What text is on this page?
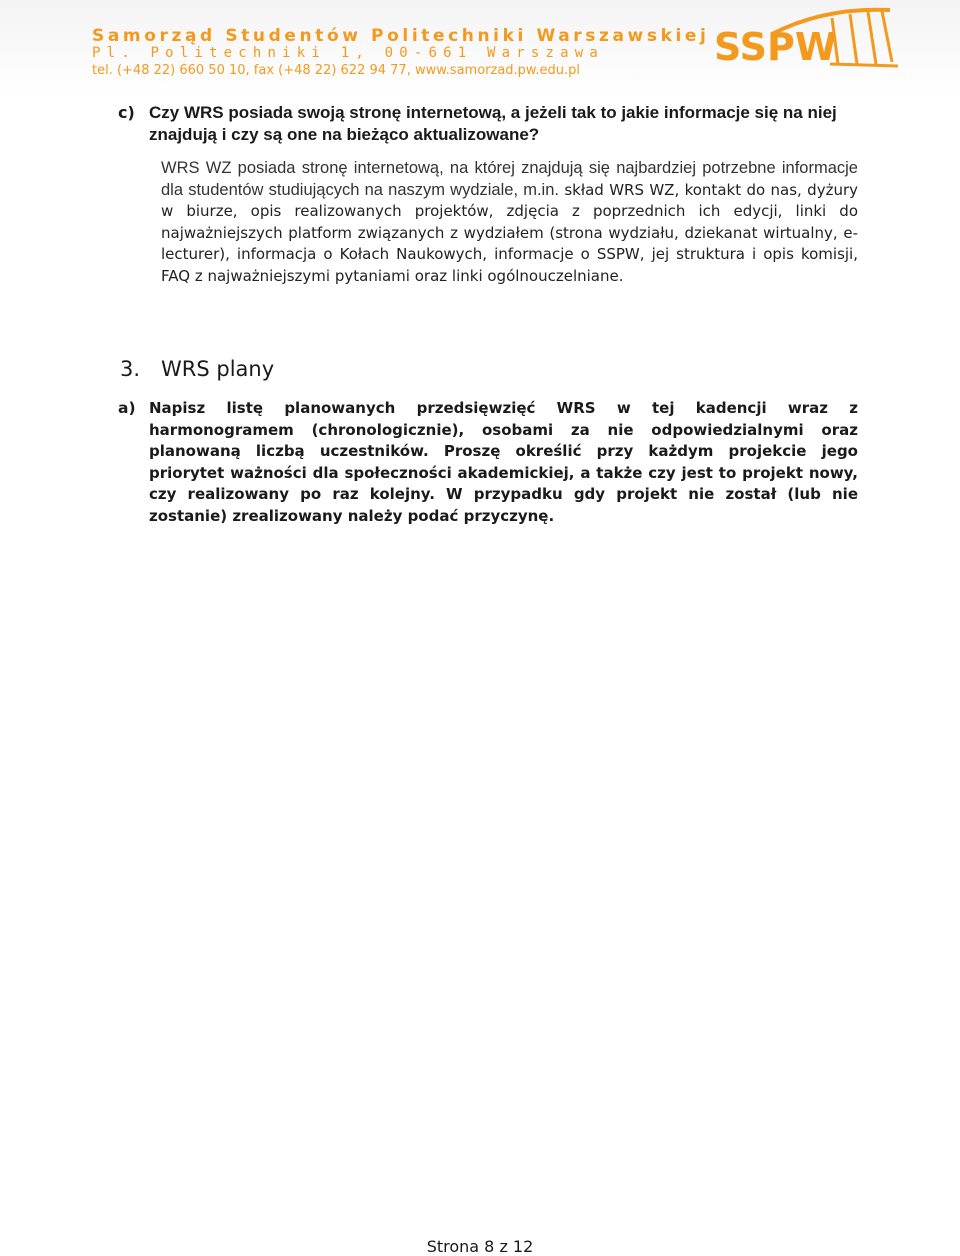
Samorząd Studentów Politechniki Warszawskiej
Pl. Politechniki 1, 00-661 Warszawa
tel. (+48 22) 660 50 10, fax (+48 22) 622 94 77, www.samorzad.pw.edu.pl
SSPW
c) Czy WRS posiada swoją stronę internetową, a jeżeli tak to jakie informacje się na niej znajdują i czy są one na bieżąco aktualizowane?
WRS WZ posiada stronę internetową, na której znajdują się najbardziej potrzebne informacje dla studentów studiujących na naszym wydziale, m.in. skład WRS WZ, kontakt do nas, dyżury w biurze, opis realizowanych projektów, zdjęcia z poprzednich ich edycji, linki do najważniejszych platform związanych z wydziałem (strona wydziału, dziekanat wirtualny, e-lecturer), informacja o Kołach Naukowych, informacje o SSPW, jej struktura i opis komisji, FAQ z najważniejszymi pytaniami oraz linki ogólnouczelniane.
3. WRS plany
a) Napisz listę planowanych przedsięwzięć WRS w tej kadencji wraz z harmonogramem (chronologicznie), osobami za nie odpowiedzialnymi oraz planowaną liczbą uczestników. Proszę określić przy każdym projekcie jego priorytet ważności dla społeczności akademickiej, a także czy jest to projekt nowy, czy realizowany po raz kolejny. W przypadku gdy projekt nie został (lub nie zostanie) zrealizowany należy podać przyczynę.
Strona 8 z 12
